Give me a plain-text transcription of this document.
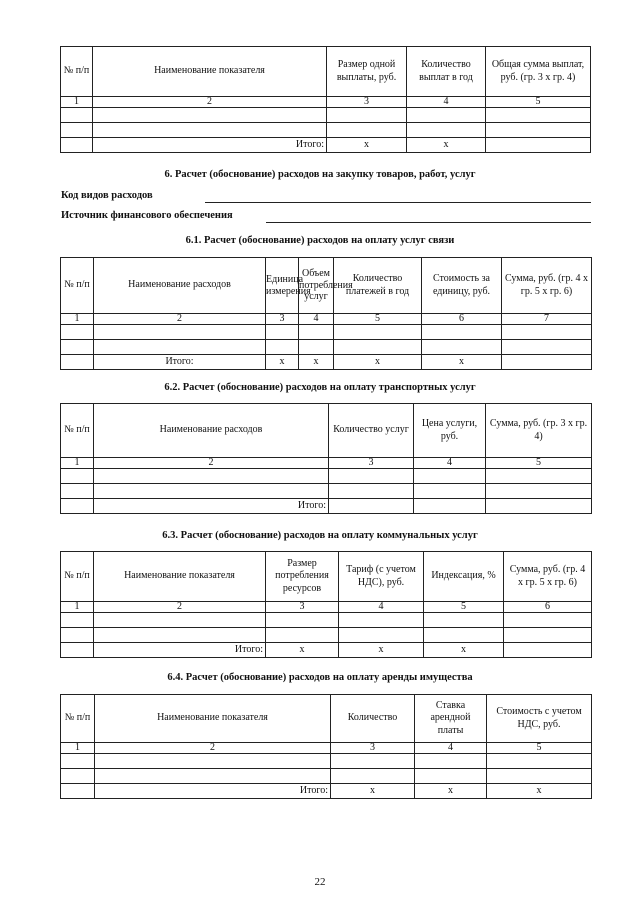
№ п/п	Наименование показателя	Размер одной выплаты, руб.	Количество выплат в год	Общая сумма выплат, руб. (гр. 3 х гр. 4)
1	2	3	4	5

	Итого:	х	х	
6. Расчет (обоснование) расходов на закупку товаров, работ, услуг
Код видов расходов
Источник финансового обеспечения
6.1. Расчет (обоснование) расходов на оплату услуг связи
№ п/п	Наименование расходов	Единица измерения	Объем потребления услуг	Количество платежей в год	Стоимость за единицу, руб.	Сумма, руб. (гр. 4 х гр. 5 х гр. 6)
1	2	3	4	5	6	7

	Итого:	х	х	х	х	
6.2. Расчет (обоснование) расходов на оплату транспортных услуг
№ п/п	Наименование расходов	Количество услуг	Цена услуги, руб.	Сумма, руб. (гр. 3 х гр. 4)
1	2	3	4	5

	Итого:			
6.3. Расчет (обоснование) расходов на оплату коммунальных услуг
№ п/п	Наименование показателя	Размер потребления ресурсов	Тариф (с учетом НДС), руб.	Индексация, %	Сумма, руб. (гр. 4 х гр. 5 х гр. 6)
1	2	3	4	5	6

	Итого:	х	х	х	
6.4. Расчет (обоснование) расходов на оплату аренды имущества
№ п/п	Наименование показателя	Количество	Ставка арендной платы	Стоимость с учетом НДС, руб.
1	2	3	4	5

	Итого:	х	х	х
22
